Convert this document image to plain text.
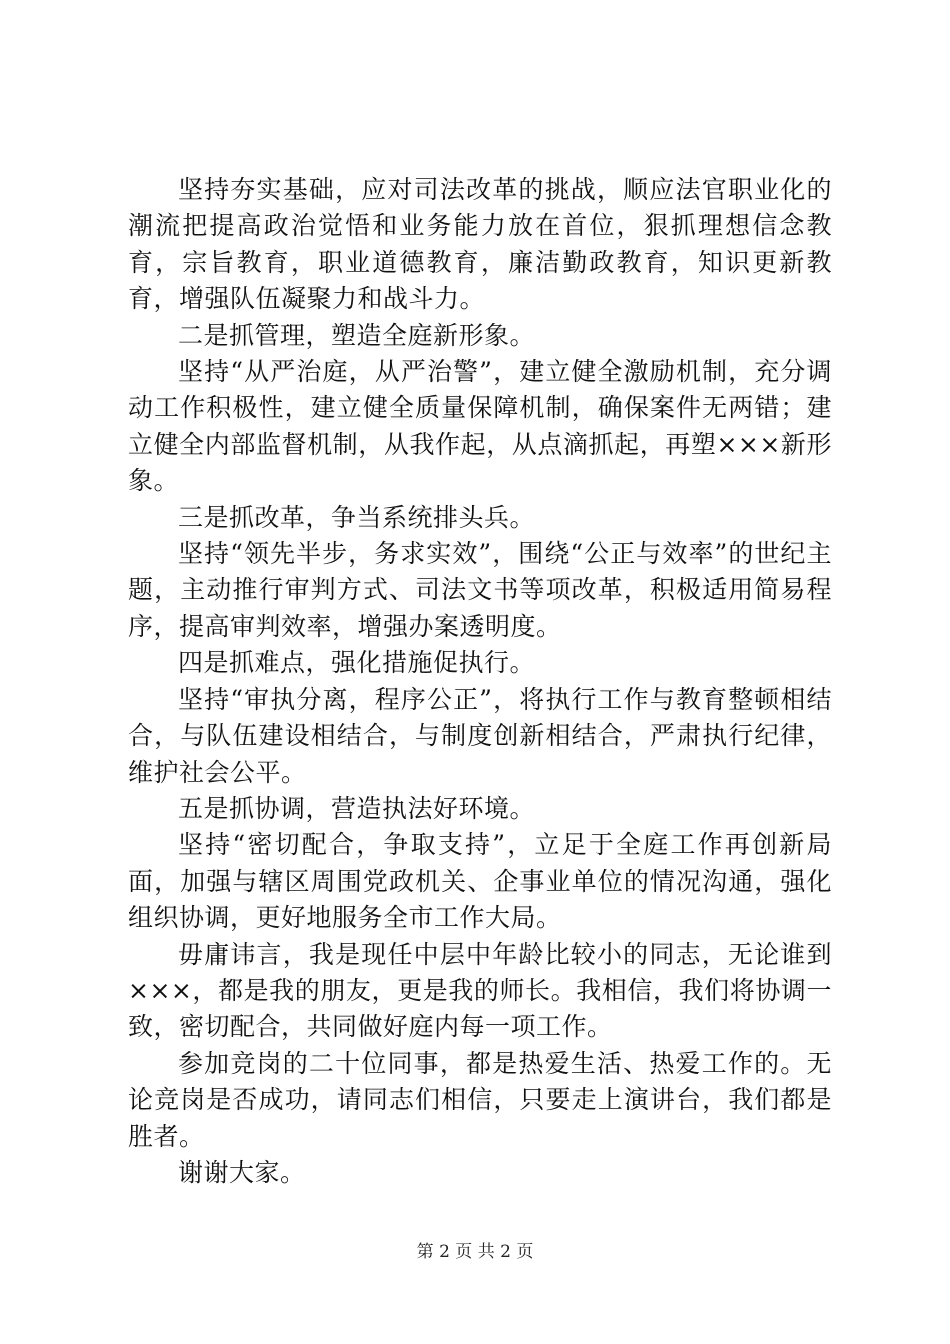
坚持夯实基础，应对司法改革的挑战，顺应法官职业化的潮流把提高政治觉悟和业务能力放在首位，狠抓理想信念教育，宗旨教育，职业道德教育，廉洁勤政教育，知识更新教育，增强队伍凝聚力和战斗力。

二是抓管理，塑造全庭新形象。

坚持“从严治庭，从严治警”，建立健全激励机制，充分调动工作积极性，建立健全质量保障机制，确保案件无两错；建立健全内部监督机制，从我作起，从点滴抓起，再塑×××新形象。

三是抓改革，争当系统排头兵。

坚持“领先半步，务求实效”，围绕“公正与效率”的世纪主题，主动推行审判方式、司法文书等项改革，积极适用简易程序，提高审判效率，增强办案透明度。

四是抓难点，强化措施促执行。

坚持“审执分离，程序公正”，将执行工作与教育整顿相结合，与队伍建设相结合，与制度创新相结合，严肃执行纪律，维护社会公平。

五是抓协调，营造执法好环境。

坚持“密切配合，争取支持”，立足于全庭工作再创新局面，加强与辖区周围党政机关、企事业单位的情况沟通，强化组织协调，更好地服务全市工作大局。

毋庸讳言，我是现任中层中年龄比较小的同志，无论谁到×××，都是我的朋友，更是我的师长。我相信，我们将协调一致，密切配合，共同做好庭内每一项工作。

参加竞岗的二十位同事，都是热爱生活、热爱工作的。无论竞岗是否成功，请同志们相信，只要走上演讲台，我们都是胜者。

谢谢大家。

第 2 页 共 2 页
